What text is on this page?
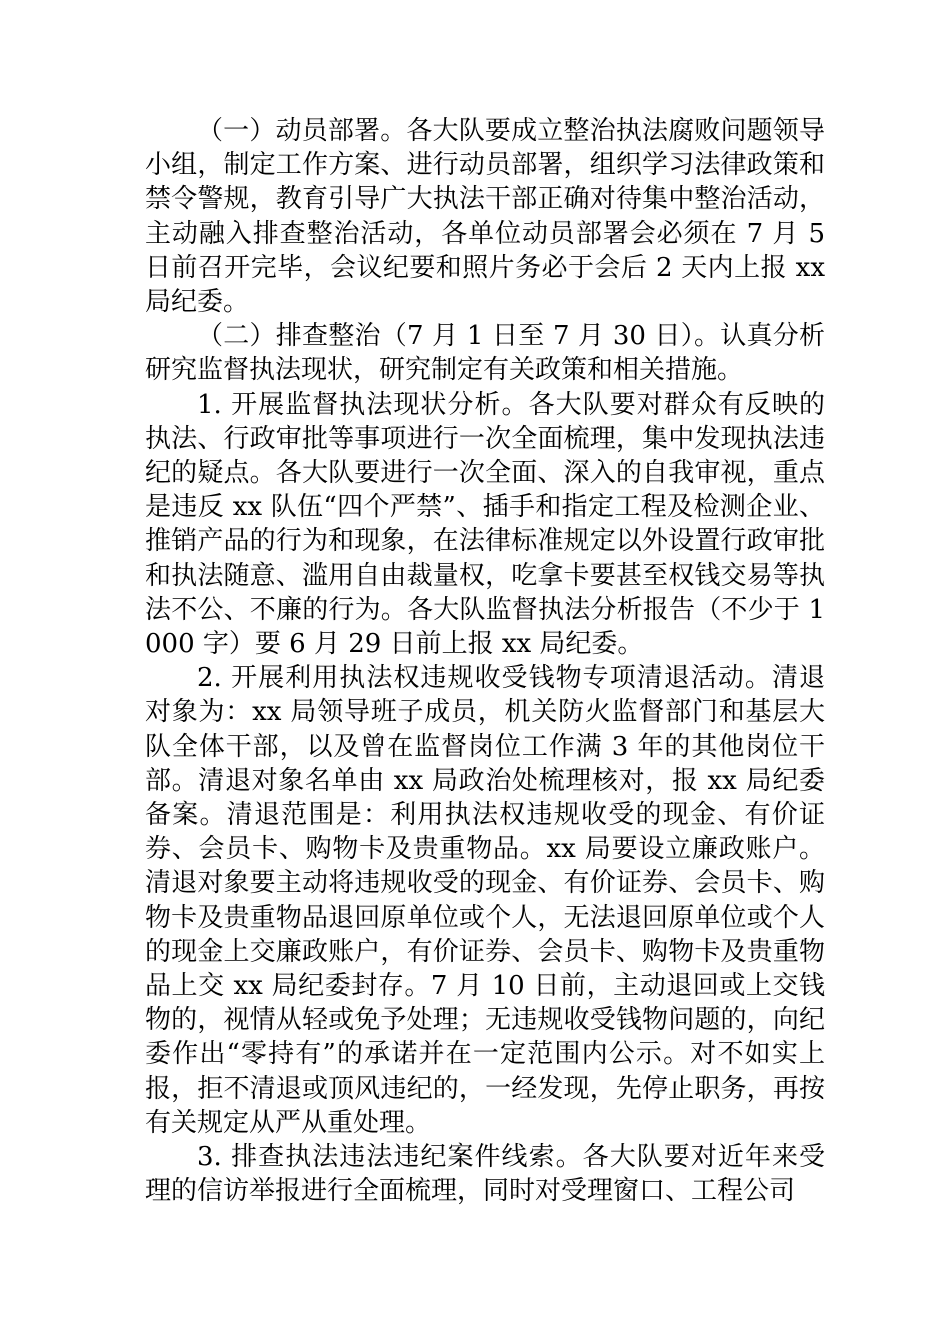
（一）动员部署。各大队要成立整治执法腐败问题领导小组，制定工作方案、进行动员部署，组织学习法律政策和禁令警规，教育引导广大执法干部正确对待集中整治活动，主动融入排查整治活动，各单位动员部署会必须在 7 月 5 日前召开完毕，会议纪要和照片务必于会后 2 天内上报 xx 局纪委。

（二）排查整治（7 月 1 日至 7 月 30 日）。认真分析研究监督执法现状，研究制定有关政策和相关措施。

1. 开展监督执法现状分析。各大队要对群众有反映的执法、行政审批等事项进行一次全面梳理，集中发现执法违纪的疑点。各大队要进行一次全面、深入的自我审视，重点是违反 xx 队伍“四个严禁”、插手和指定工程及检测企业、推销产品的行为和现象，在法律标准规定以外设置行政审批和执法随意、滥用自由裁量权，吃拿卡要甚至权钱交易等执法不公、不廉的行为。各大队监督执法分析报告（不少于 1000 字）要 6 月 29 日前上报 xx 局纪委。

2. 开展利用执法权违规收受钱物专项清退活动。清退对象为：xx 局领导班子成员，机关防火监督部门和基层大队全体干部，以及曾在监督岗位工作满 3 年的其他岗位干部。清退对象名单由 xx 局政治处梳理核对，报 xx 局纪委备案。清退范围是：利用执法权违规收受的现金、有价证券、会员卡、购物卡及贵重物品。xx 局要设立廉政账户。清退对象要主动将违规收受的现金、有价证券、会员卡、购物卡及贵重物品退回原单位或个人，无法退回原单位或个人的现金上交廉政账户，有价证券、会员卡、购物卡及贵重物品上交 xx 局纪委封存。7 月 10 日前，主动退回或上交钱物的，视情从轻或免予处理；无违规收受钱物问题的，向纪委作出“零持有”的承诺并在一定范围内公示。对不如实上报，拒不清退或顶风违纪的，一经发现，先停止职务，再按有关规定从严从重处理。

3. 排查执法违法违纪案件线索。各大队要对近年来受理的信访举报进行全面梳理，同时对受理窗口、工程公司
